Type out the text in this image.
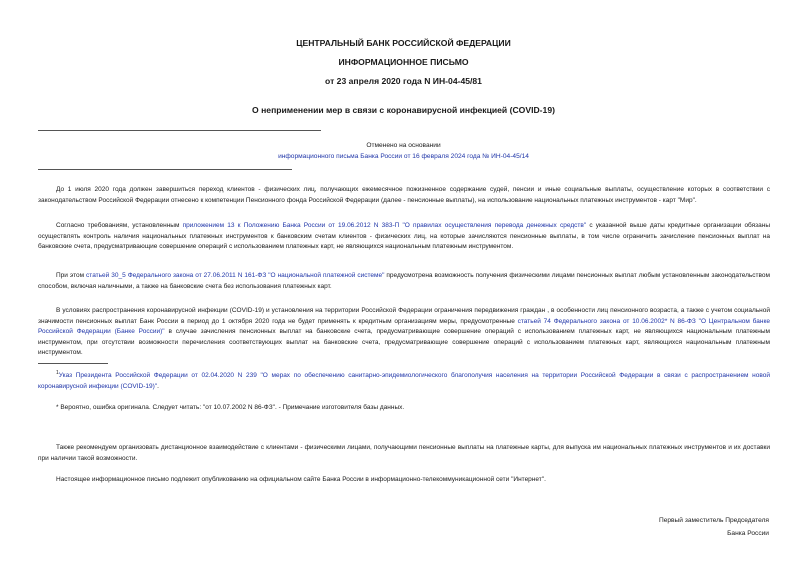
ЦЕНТРАЛЬНЫЙ БАНК РОССИЙСКОЙ ФЕДЕРАЦИИ
ИНФОРМАЦИОННОЕ ПИСЬМО
от 23 апреля 2020 года N ИН-04-45/81
О неприменении мер в связи с коронавирусной инфекцией (COVID-19)
Отменено на основании
информационного письма Банка России от 16 февраля 2024 года № ИН-04-45/14
До 1 июля 2020 года должен завершиться переход клиентов - физических лиц, получающих ежемесячное пожизненное содержание судей, пенсии и иные социальные выплаты, осуществление которых в соответствии с законодательством Российской Федерации отнесено к компетенции Пенсионного фонда Российской Федерации (далее - пенсионные выплаты), на использование национальных платежных инструментов - карт "Мир".
Согласно требованиям, установленным приложением 13 к Положению Банка России от 19.06.2012 N 383-П "О правилах осуществления перевода денежных средств" с указанной выше даты кредитные организации обязаны осуществлять контроль наличия национальных платежных инструментов к банковским счетам клиентов - физических лиц, на которые зачисляются пенсионные выплаты, в том числе ограничить зачисление пенсионных выплат на банковские счета, предусматривающие совершение операций с использованием платежных карт, не являющихся национальным платежным инструментом.
При этом статьей 30_5 Федерального закона от 27.06.2011 N 161-ФЗ "О национальной платежной системе" предусмотрена возможность получения физическими лицами пенсионных выплат любым установленным законодательством способом, включая наличными, а также на банковские счета без использования платежных карт.
В условиях распространения коронавирусной инфекции (COVID-19) и установления на территории Российской Федерации ограничения передвижения граждан , в особенности лиц пенсионного возраста, а также с учетом социальной значимости пенсионных выплат Банк России в период до 1 октября 2020 года не будет применять к кредитным организациям меры, предусмотренные статьей 74 Федерального закона от 10.06.2002* N 86-ФЗ "О Центральном банке Российской Федерации (Банке России)" в случае зачисления пенсионных выплат на банковские счета, предусматривающие совершение операций с использованием платежных карт, не являющихся национальным платежным инструментом, при отсутствии возможности перечисления соответствующих выплат на банковские счета, предусматривающие совершение операций с использованием платежных карт, являющихся национальным платежным инструментом.
$^1$Указ Президента Российской Федерации от 02.04.2020 N 239 "О мерах по обеспечению санитарно-эпидемиологического благополучия населения на территории Российской Федерации в связи с распространением новой коронавирусной инфекции (COVID-19)".
* Вероятно, ошибка оригинала. Следует читать: "от 10.07.2002 N 86-ФЗ". - Примечание изготовителя базы данных.
Также рекомендуем организовать дистанционное взаимодействие с клиентами - физическими лицами, получающими пенсионные выплаты на платежные карты, для выпуска им национальных платежных инструментов и их доставки при наличии такой возможности.
Настоящее информационное письмо подлежит опубликованию на официальном сайте Банка России в информационно-телекоммуникационной сети "Интернет".
Первый заместитель Председателя
Банка России
